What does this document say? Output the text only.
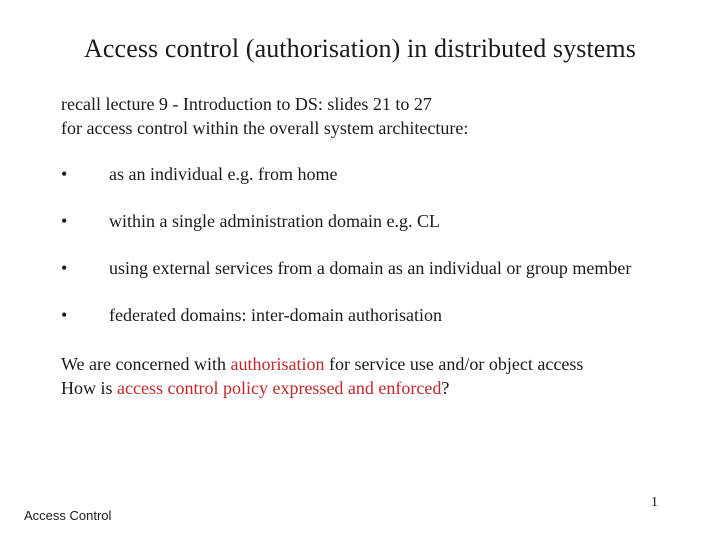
Access control (authorisation) in distributed systems
recall lecture 9 - Introduction to DS: slides 21 to 27
for access control within the overall system architecture:
•	as an individual e.g. from home
•	within a single administration domain e.g. CL
•	using external services from a domain as an individual or group member
•	federated domains: inter-domain authorisation
We are concerned with authorisation for service use and/or object access
How is access control policy expressed and enforced?
Access Control
1
